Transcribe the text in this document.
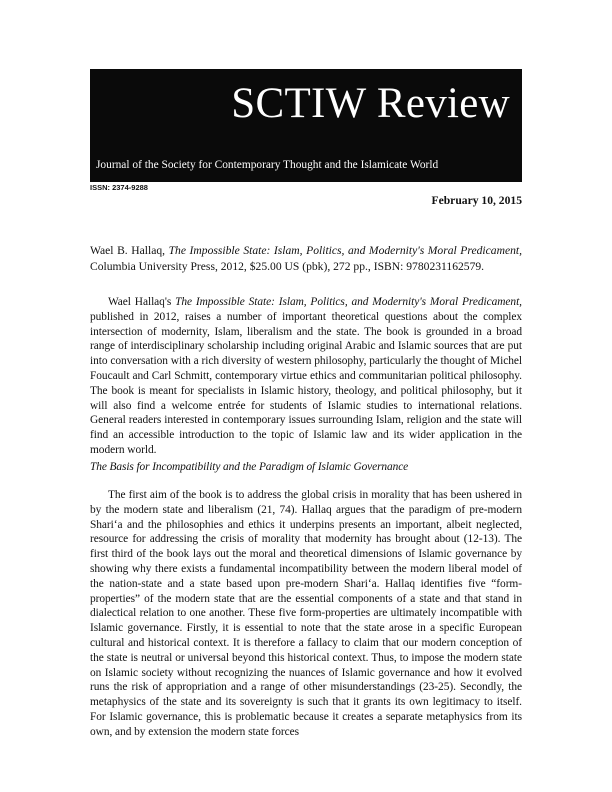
SCTIW Review
Journal of the Society for Contemporary Thought and the Islamicate World
ISSN: 2374-9288
February 10, 2015

Wael B. Hallaq, The Impossible State: Islam, Politics, and Modernity's Moral Predicament, Columbia University Press, 2012, $25.00 US (pbk), 272 pp., ISBN: 9780231162579.

Wael Hallaq's The Impossible State: Islam, Politics, and Modernity's Moral Predicament, published in 2012, raises a number of important theoretical questions about the complex intersection of modernity, Islam, liberalism and the state. The book is grounded in a broad range of interdisciplinary scholarship including original Arabic and Islamic sources that are put into conversation with a rich diversity of western philosophy, particularly the thought of Michel Foucault and Carl Schmitt, contemporary virtue ethics and communitarian political philosophy. The book is meant for specialists in Islamic history, theology, and political philosophy, but it will also find a welcome entrée for students of Islamic studies to international relations. General readers interested in contemporary issues surrounding Islam, religion and the state will find an accessible introduction to the topic of Islamic law and its wider application in the modern world.

The Basis for Incompatibility and the Paradigm of Islamic Governance

The first aim of the book is to address the global crisis in morality that has been ushered in by the modern state and liberalism (21, 74). Hallaq argues that the paradigm of pre-modern Shari‘a and the philosophies and ethics it underpins presents an important, albeit neglected, resource for addressing the crisis of morality that modernity has brought about (12-13). The first third of the book lays out the moral and theoretical dimensions of Islamic governance by showing why there exists a fundamental incompatibility between the modern liberal model of the nation-state and a state based upon pre-modern Shari‘a. Hallaq identifies five “form-properties” of the modern state that are the essential components of a state and that stand in dialectical relation to one another. These five form-properties are ultimately incompatible with Islamic governance. Firstly, it is essential to note that the state arose in a specific European cultural and historical context. It is therefore a fallacy to claim that our modern conception of the state is neutral or universal beyond this historical context. Thus, to impose the modern state on Islamic society without recognizing the nuances of Islamic governance and how it evolved runs the risk of appropriation and a range of other misunderstandings (23-25). Secondly, the metaphysics of the state and its sovereignty is such that it grants its own legitimacy to itself. For Islamic governance, this is problematic because it creates a separate metaphysics from its own, and by extension the modern state forces
